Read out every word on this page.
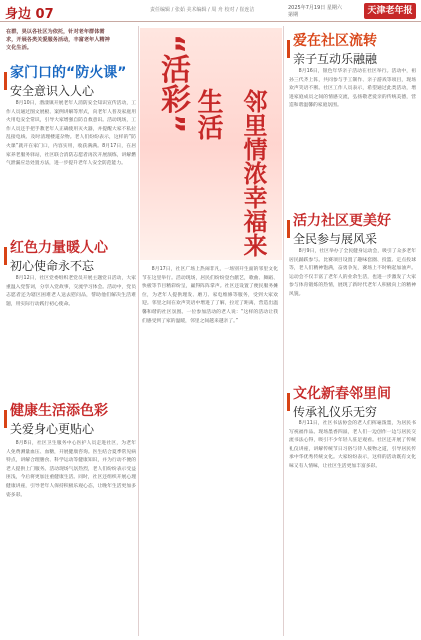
身边 07	责任编辑 / 张茹 美术编辑 / 周 舟 校对 / 崔连洁	2025年7月19日 星期六
第期	天津老年报
在群，昊以各社区为依托，针对老年群体需求，开展各类关爱服务活动，丰富老年人精神文化生活。
家门口的“防火课”
安全意识入人心

8月10日，潜漾镇开展老年人消防安全知识宣传活动，工作人员通过图文展板、案例讲解等形式，向老年人普及家庭用火用电安全常识，引导大家增强自防自救意识。活动现场，工作人员还手把手教老年人正确使用灭火器，并提醒大家不私拉乱接电线、及时清理楼道杂物。老人们纷纷表示，这样的“防火课”就开在家门口，内容实用，收获满满。8月17日，在居家养老服务驿站，社区联合消防志愿者再次开展演练，讲解燃气泄漏应急处置方法，进一步提升老年人安全防范能力。

红色力量暖人心
初心使命永不忘

8月12日，社区党委组织老党员开展主题党日活动，大家重温入党誓词，分享入党故事，交流学习体会。活动中，党员志愿者还为辖区困难老人送去慰问品，帮助他们解决生活难题，用实际行动践行初心使命。

健康生活添色彩
关爱身心更贴心

8月8日，社区卫生服务中心医护人员走进社区，为老年人免费测量血压、血糖，开展健康咨询。医生结合夏季常见病特点，讲解合理膳食、科学运动等健康知识，并为行动不便的老人提供上门服务。活动现场气氛热烈，老人们纷纷表示受益匪浅，今后将更加注重健康生活。同时，社区还组织开展心理健康讲座，引导老年人保持积极乐观心态，让晚年生活更加多姿多彩。

“活彩” 生活 邻里情浓幸福来

8月17日，社区广场上热闹非凡，一场别开生面的邻里文化节在这里举行。活动现场，居民们纷纷登台献艺，歌曲、舞蹈、快板等节目精彩纷呈，赢得阵阵掌声。社区还设置了便民服务摊位，为老年人提供理发、磨刀、家电维修等服务，受到大家欢迎。邻里之间在欢声笑语中增进了了解，拉近了距离，营造出温馨和谐的社区氛围。一位参加活动的老人说：“这样的活动让我们感受到了家的温暖，邻里之间越来越亲了。”

爱在社区流转
亲子互动乐融融

8月16日，银色年华亲子活动在社区举行。活动中，祖孙三代齐上阵，共同参与手工制作、亲子游戏等项目，现场欢声笑语不断。社区工作人员表示，希望通过此类活动，增进家庭成员之间的情感交流，弘扬敬老爱亲的传统美德，营造和谐温馨的家庭氛围。

活力社区更美好
全民参与展风采

8月9日，社区举办了全民健身运动会，吸引了众多老年居民踊跃参与。比赛项目设置了趣味套圈、投篮、定点投球等，老人们精神饱满，奋勇争先，赛场上不时响起加油声。运动会不仅丰富了老年人的业余生活，也进一步激发了大家参与体育锻炼的热情，展现了新时代老年人积极向上的精神风貌。

文化新春邻里间
传承礼仪乐无穷

8月11日，社区书法协会的老人们挥毫泼墨，为居民书写祝福作品。现场墨香四溢，老人们一边创作一边与居民交流书法心得，吸引不少年轻人驻足观看。社区还开展了传统礼仪讲座，讲解传统节日习俗与待人接物之道，引导居民传承中华优秀传统文化。大家纷纷表示，这样的活动既有文化味又有人情味，让社区生活更加丰富多彩。
